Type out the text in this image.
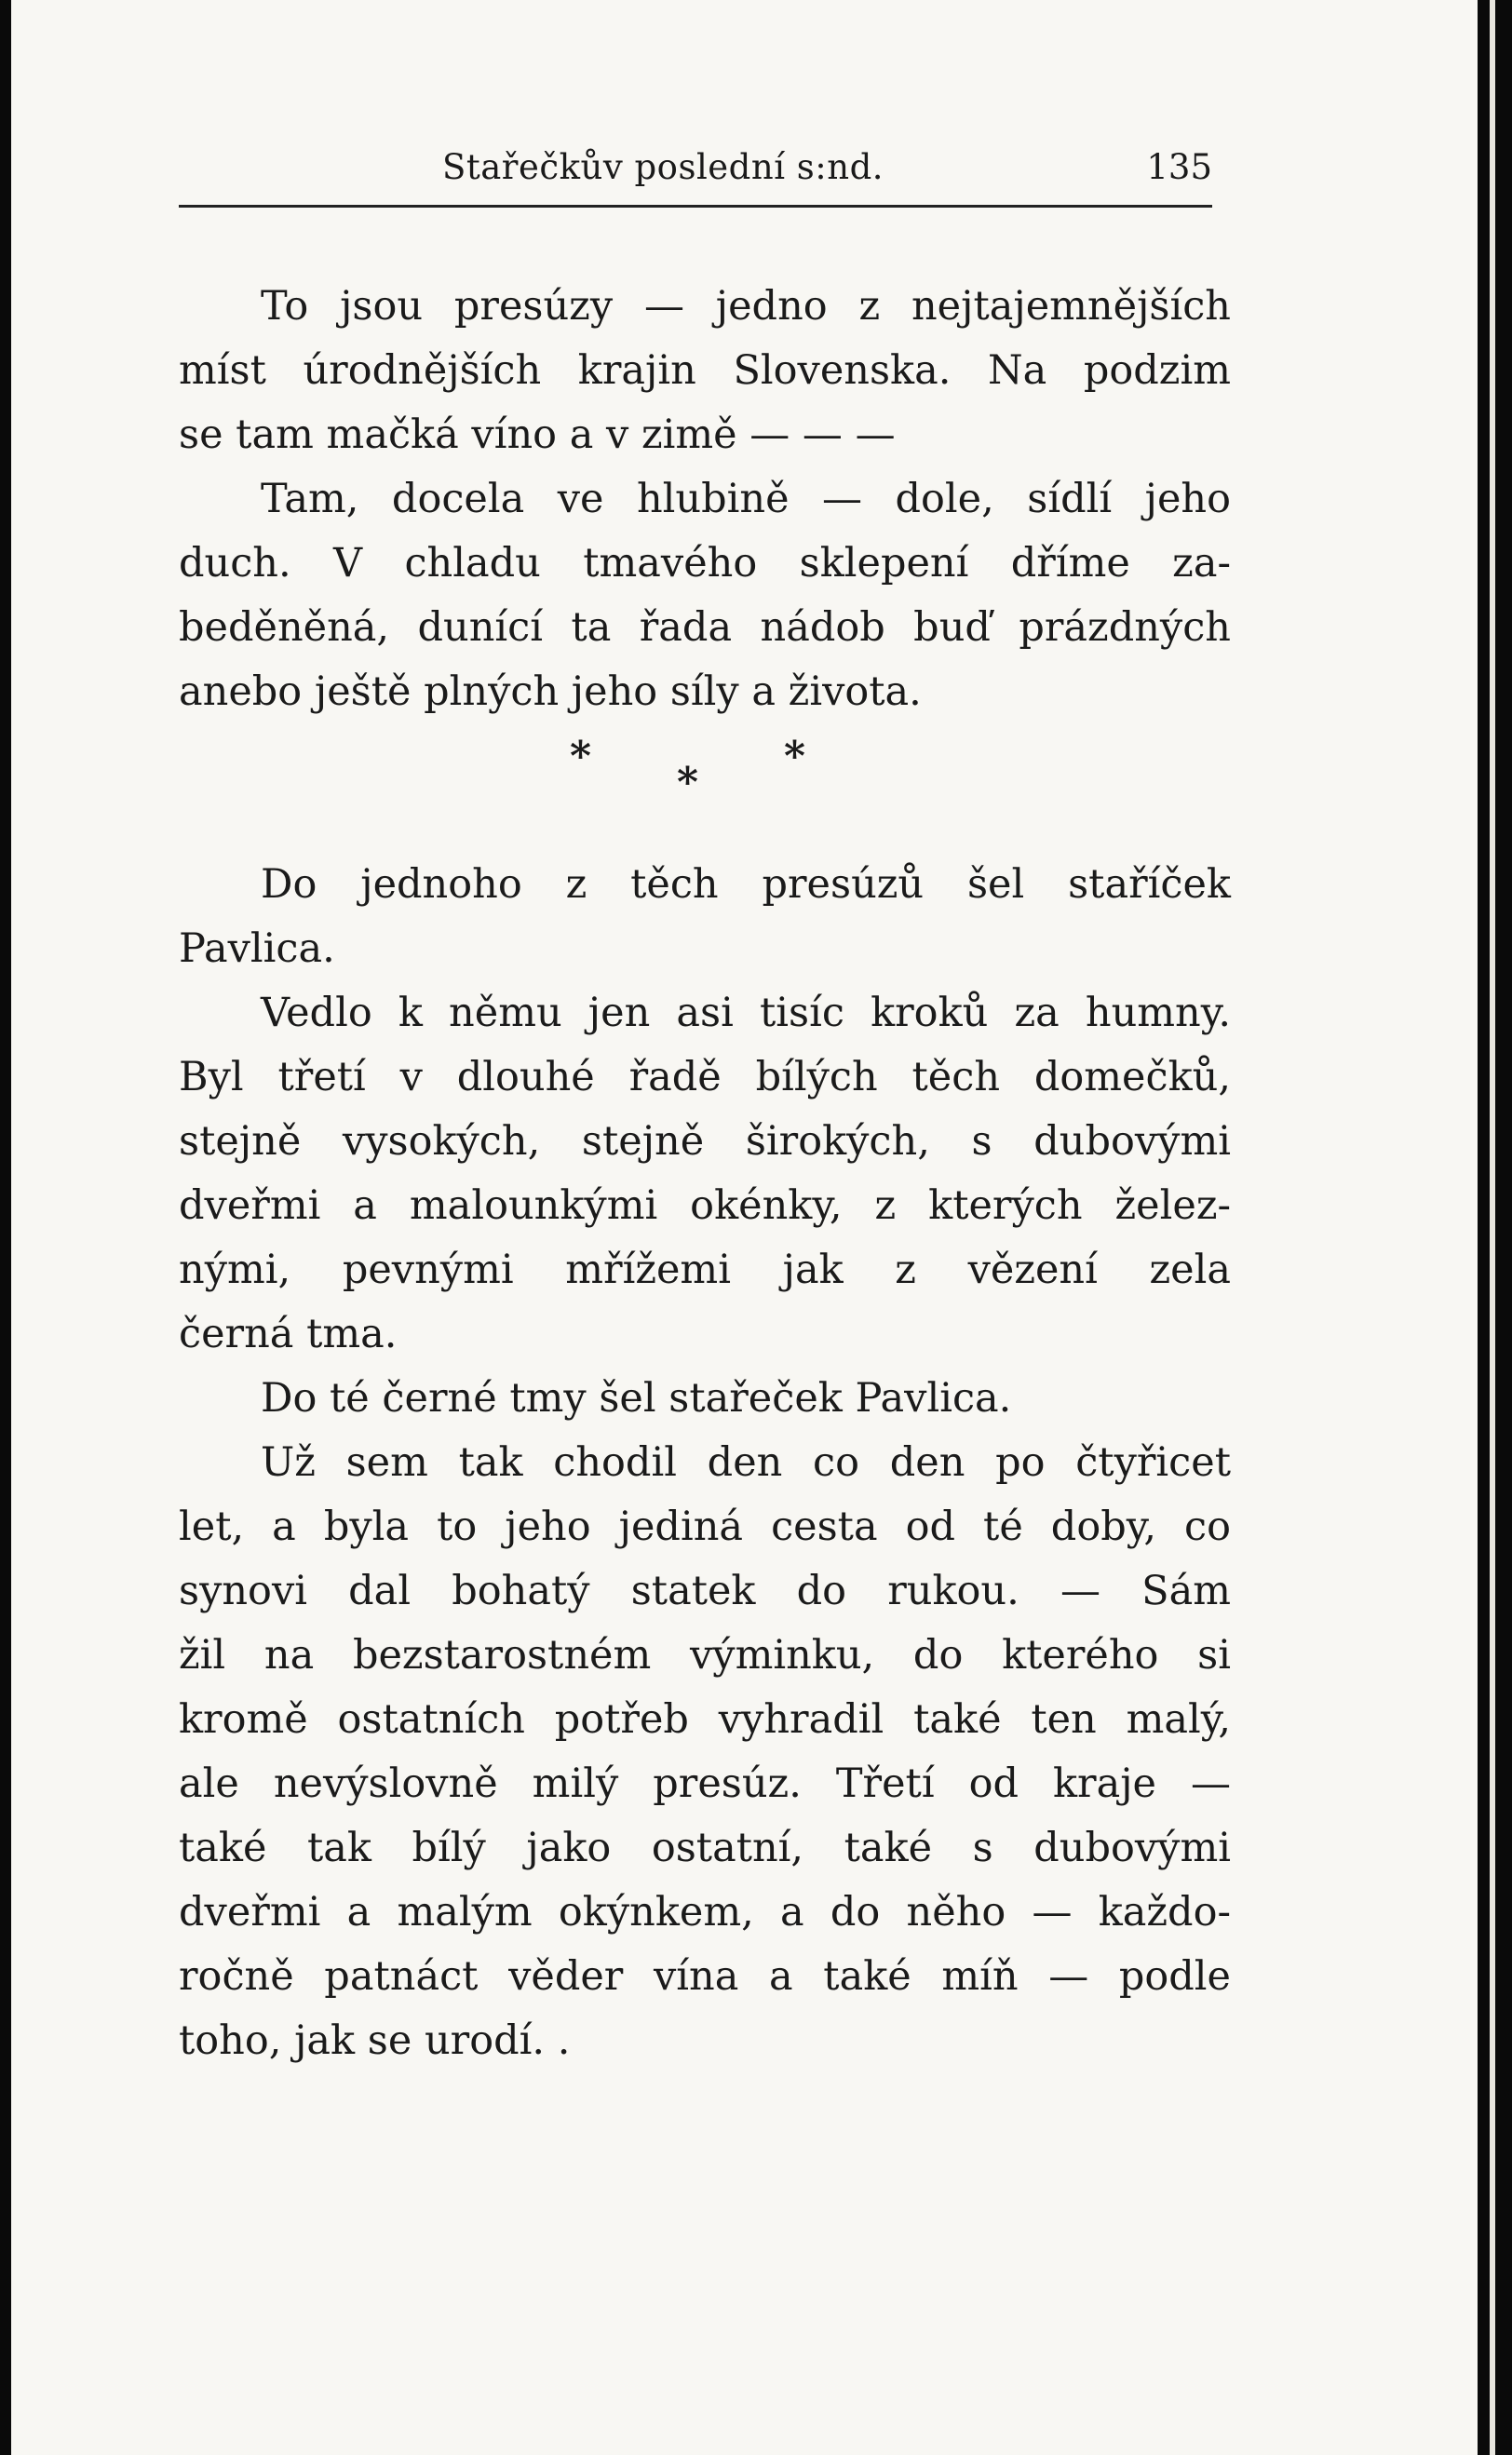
Stařečkův poslední s:nd.	135
To jsou presúzy — jedno z nejtajemnějších
míst úrodnějších krajin Slovenska. Na podzim
se tam mačká víno a v zimě — — —
Tam, docela ve hlubině — dole, sídlí jeho
duch. V chladu tmavého sklepení dříme za-
beděněná, dunící ta řada nádob buď prázdných
anebo ještě plných jeho síly a života.
*	*
*
Do jednoho z těch presúzů šel staříček
Pavlica.
Vedlo k němu jen asi tisíc kroků za humny.
Byl třetí v dlouhé řadě bílých těch domečků,
stejně vysokých, stejně širokých, s dubovými
dveřmi a malounkými okénky, z kterých želez-
nými, pevnými mřížemi jak z vězení zela
černá tma.
Do té černé tmy šel stařeček Pavlica.
Už sem tak chodil den co den po čtyřicet
let, a byla to jeho jediná cesta od té doby, co
synovi dal bohatý statek do rukou. — Sám
žil na bezstarostném výminku, do kterého si
kromě ostatních potřeb vyhradil také ten malý,
ale nevýslovně milý presúz. Třetí od kraje —
také tak bílý jako ostatní, také s dubovými
dveřmi a malým okýnkem, a do něho — každo-
ročně patnáct věder vína a také míň — podle
toho, jak se urodí. .
